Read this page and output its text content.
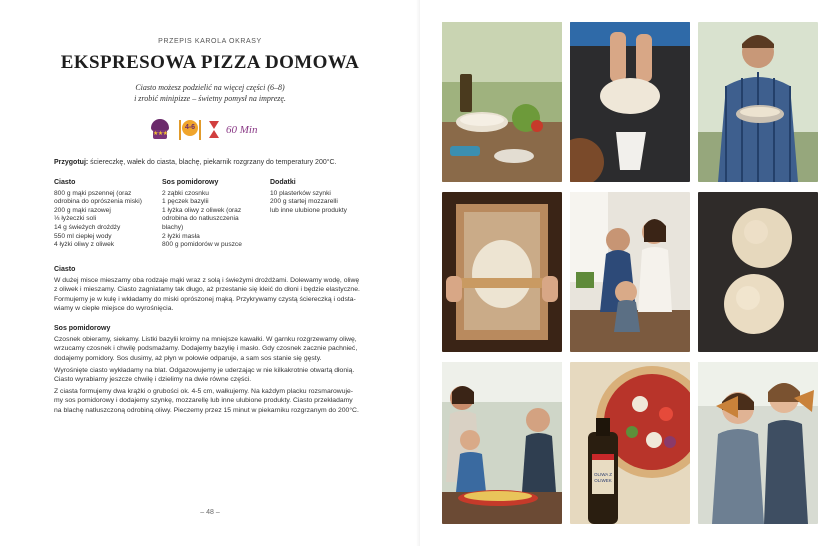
PRZEPIS KAROLA OKRASY
EKSPRESOWA PIZZA DOMOWA
Ciasto możesz podzielić na więcej części (6–8)
i zrobić minipizze – świetny pomysł na imprezę.
★★★
4-6	60 Min
Przygotuj: ściereczkę, wałek do ciasta, blachę, piekarnik rozgrzany do temperatury 200°C.
Ciasto
800 g mąki pszennej (oraz
odrobina do oprószenia miski)
200 g mąki razowej
⅓ łyżeczki soli
14 g świeżych drożdży
550 ml ciepłej wody
4 łyżki oliwy z oliwek
Sos pomidorowy
2 ząbki czosnku
1 pęczek bazylii
1 łyżka oliwy z oliwek (oraz
odrobina do natłuszczenia
blachy)
2 łyżki masła
800 g pomidorów w puszce
Dodatki
10 plasterków szynki
200 g startej mozzarelli
lub inne ulubione produkty
Ciasto
W dużej misce mieszamy oba rodzaje mąki wraz z solą i świeżymi drożdżami. Dolewamy wodę, oliwę
z oliwek i mieszamy. Ciasto zagniatamy tak długo, aż przestanie się kleić do dłoni i będzie elastyczne.
Formujemy je w kulę i wkładamy do miski oprószonej mąką. Przykrywamy czystą ściereczką i odsta-
wiamy w ciepłe miejsce do wyrośnięcia.
Sos pomidorowy

Czosnek obieramy, siekamy. Listki bazylii kroimy na mniejsze kawałki. W garnku rozgrzewamy oliwę,
wrzucamy czosnek i chwilę podsmażamy. Dodajemy bazylię i masło. Gdy czosnek zacznie pachnieć,
dodajemy pomidory. Sos dusimy, aż płyn w połowie odparuje, a sam sos stanie się gęsty.

Wyrośnięte ciasto wykładamy na blat. Odgazowujemy je uderzając w nie kilkakrotnie otwartą dłonią.
Ciasto wyrabiamy jeszcze chwilę i dzielimy na dwie równe części.

Z ciasta formujemy dwa krążki o grubości ok. 4-5 cm, wałkujemy. Na każdym placku rozsmarowuje-
my sos pomidorowy i dodajemy szynkę, mozzarellę lub inne ulubione produkty. Ciasto przekładamy
na blachę natłuszczoną odrobiną oliwy. Pieczemy przez 15 minut w piekarniku rozgrzanym do 200°C.

– 48 –
OLIWA Z
OLIWEK
